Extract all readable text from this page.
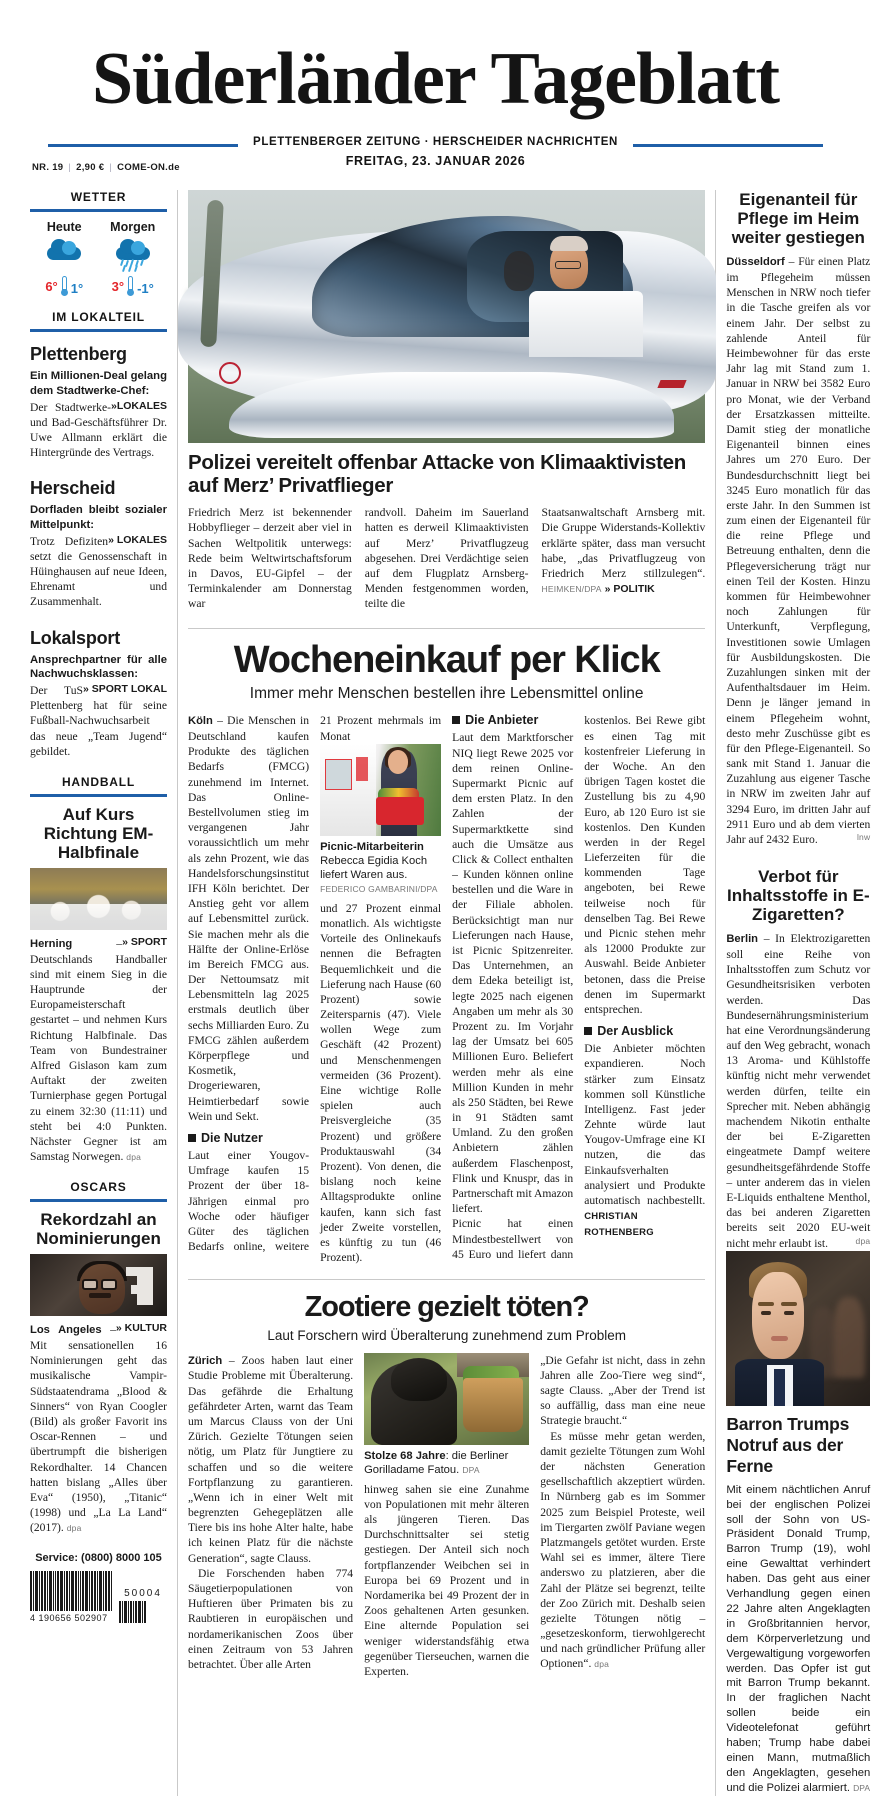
Süderländer Tageblatt
PLETTENBERGER ZEITUNG · HERSCHEIDER NACHRICHTEN
FREITAG, 23. JANUAR 2026
NR. 19 | 2,90 € | COME-ON.de
WETTER
Heute
6° 1°
Morgen
3° -1°
IM LOKALTEIL
Plettenberg
Ein Millionen-Deal gelang dem Stadtwerke-Chef:
»LOKALES
Der Stadtwerke- und Bad-Geschäftsführer Dr. Uwe Allmann erklärt die Hintergründe des Vertrags.
Herscheid
Dorfladen bleibt sozialer Mittelpunkt:
» LOKALES
Trotz Defiziten setzt die Genossenschaft in Hüinghausen auf neue Ideen, Ehrenamt und Zusammenhalt.
Lokalsport
Ansprechpartner für alle Nachwuchsklassen:
» SPORT LOKAL
Der TuS Plettenberg hat für seine Fußball-Nachwuchsarbeit das neue „Team Jugend“ gebildet.
HANDBALL
Auf Kurs Richtung EM-Halbfinale
» SPORT
Herning	– Deutschlands Handballer sind mit einem Sieg in die Hauptrunde der Europameisterschaft gestartet – und nehmen Kurs Richtung Halbfinale. Das Team von Bundestrainer Alfred Gislason kam zum Auftakt der zweiten Turnierphase gegen Portugal zu einem 32:30 (11:11) und steht bei 4:0 Punkten. Nächster Gegner ist am Samstag Norwegen. dpa
OSCARS
Rekordzahl an Nominierungen
» KULTUR
Los Angeles – Mit sensationellen 16 Nominierungen geht das musikalische Vampir-Südstaatendrama „Blood & Sinners“ von Ryan Coogler (Bild) als großer Favorit ins Oscar-Rennen – und übertrumpft die bisherigen Rekordhalter. 14 Chancen hatten bislang „Alles über Eva“ (1950), „Titanic“ (1998) und „La La Land“ (2017). dpa
Service: (0800) 8000 105
4 190656 502907
50004
Polizei vereitelt offenbar Attacke von Klimaaktivisten auf Merz’ Privatflieger
Friedrich Merz ist bekennender Hobbyflieger – derzeit aber viel in Sachen Weltpolitik unterwegs: Rede beim Weltwirtschaftsforum in Davos, EU-Gipfel – der Terminkalender am Donnerstag war
randvoll. Daheim im Sauerland hatten es derweil Klimaaktivisten auf Merz’ Privatflugzeug abgesehen. Drei Verdächtige seien auf dem Flugplatz Arnsberg-Menden festgenommen worden, teilte die
Staatsanwaltschaft Arnsberg mit. Die Gruppe Widerstands-Kollektiv erklärte später, dass man versucht habe, „das Privatflugzeug von Friedrich Merz stillzulegen“. HEIMKEN/DPA » POLITIK
Wocheneinkauf per Klick
Immer mehr Menschen bestellen ihre Lebensmittel online
Köln – Die Menschen in Deutschland kaufen Produkte des täglichen Bedarfs (FMCG) zunehmend im Internet. Das Online-Bestellvolumen stieg im vergangenen Jahr voraussichtlich um mehr als zehn Prozent, wie das Handelsforschungsinstitut IFH Köln berichtet. Der Anstieg geht vor allem auf Lebensmittel zurück. Sie machen mehr als die Hälfte der Online-Erlöse im Bereich FMCG aus. Der Nettoumsatz mit Lebensmitteln lag 2025 erstmals deutlich über sechs Milliarden Euro. Zu FMCG zählen außerdem Körperpflege und Kosmetik, Drogeriewaren, Heimtierbedarf sowie Wein und Sekt.
Die Nutzer
Laut einer Yougov-Umfrage kaufen 15 Prozent der über 18-Jährigen einmal pro Woche oder häufiger Güter des täglichen Bedarfs online, weitere 21 Prozent mehrmals im Monat
Picnic-Mitarbeiterin Rebecca Egidia Koch liefert Waren aus. FEDERICO GAMBARINI/DPA
und 27 Prozent einmal monatlich. Als wichtigste Vorteile des Onlinekaufs nennen die Befragten Bequemlichkeit und die Lieferung nach Hause (60 Prozent) sowie Zeitersparnis (47). Viele wollen Wege zum Geschäft (42 Prozent) und Menschenmengen vermeiden (36 Prozent). Eine wichtige Rolle spielen auch Preisvergleiche (35 Prozent) und größere Produktauswahl (34 Prozent). Von denen, die bislang noch keine Alltagsprodukte online kaufen, kann sich fast jeder Zweite vorstellen, es künftig zu tun (46 Prozent).
Die Anbieter
Laut dem Marktforscher NIQ liegt Rewe 2025 vor dem reinen Online-Supermarkt Picnic auf dem ersten Platz. In den Zahlen der Supermarktkette sind auch die Umsätze aus Click & Collect enthalten – Kunden können online bestellen und die Ware in der Filiale abholen. Berücksichtigt man nur Lieferungen nach Hause, ist Picnic Spitzenreiter. Das Unternehmen, an dem Edeka beteiligt ist, legte 2025 nach eigenen Angaben um mehr als 30 Prozent zu. Im Vorjahr lag der Umsatz bei 605 Millionen Euro. Beliefert werden mehr als eine Million Kunden in mehr als 250 Städten, bei Rewe in 91 Städten samt Umland. Zu den großen Anbietern zählen außerdem Flaschenpost, Flink und Knuspr, das in Partnerschaft mit Amazon liefert.
Picnic hat einen Mindestbestellwert von 45 Euro und liefert dann kostenlos. Bei Rewe gibt es einen Tag mit kostenfreier Lieferung in der Woche. An den übrigen Tagen kostet die Zustellung bis zu 4,90 Euro, ab 120 Euro ist sie kostenlos. Den Kunden werden in der Regel Lieferzeiten für die kommenden Tage angeboten, bei Rewe teilweise noch für denselben Tag. Bei Rewe und Picnic stehen mehr als 12000 Produkte zur Auswahl. Beide Anbieter betonen, dass die Preise denen im Supermarkt entsprechen.
Der Ausblick
Die Anbieter möchten expandieren. Noch stärker zum Einsatz kommen soll Künstliche Intelligenz. Fast jeder Zehnte würde laut Yougov-Umfrage eine KI nutzen, die das Einkaufsverhalten analysiert und Produkte automatisch nachbestellt. CHRISTIAN ROTHENBERG
Zootiere gezielt töten?
Laut Forschern wird Überalterung zunehmend zum Problem
Zürich – Zoos haben laut einer Studie Probleme mit Überalterung. Das gefährde die Erhaltung gefährdeter Arten, warnt das Team um Marcus Clauss von der Uni Zürich. Gezielte Tötungen seien nötig, um Platz für Jungtiere zu schaffen und so die weitere Fortpflanzung zu garantieren. „Wenn ich in einer Welt mit begrenzten Gehegeplätzen alle Tiere bis ins hohe Alter halte, habe ich keinen Platz für die nächste Generation“, sagte Clauss.
Die Forschenden haben 774 Säugetierpopulationen von Huftieren über Primaten bis zu Raubtieren in europäischen und nordamerikanischen Zoos über einen Zeitraum von 53 Jahren betrachtet. Über alle Arten
Stolze 68 Jahre: die Berliner Gorilladame Fatou. DPA
hinweg sahen sie eine Zunahme von Populationen mit mehr älteren als jüngeren Tieren. Das Durchschnittsalter sei stetig gestiegen. Der Anteil sich noch fortpflanzender Weibchen sei in Europa bei 69 Prozent und in Nordamerika bei 49 Prozent der in Zoos gehaltenen Arten gesunken. Eine alternde Population sei weniger widerstandsfähig etwa gegenüber Tierseuchen, warnen die Experten.
„Die Gefahr ist nicht, dass in zehn Jahren alle Zoo-Tiere weg sind“, sagte Clauss. „Aber der Trend ist so auffällig, dass man eine neue Strategie braucht.“
Es müsse mehr getan werden, damit gezielte Tötungen zum Wohl der nächsten Generation gesellschaftlich akzeptiert würden. In Nürnberg gab es im Sommer 2025 zum Beispiel Proteste, weil im Tiergarten zwölf Paviane wegen Platzmangels getötet wurden. Erste Wahl sei es immer, ältere Tiere anderswo zu platzieren, aber die Zahl der Plätze sei begrenzt, teilte der Zoo Zürich mit. Deshalb seien gezielte Tötungen nötig – „gesetzeskonform, tierwohlgerecht und nach gründlicher Prüfung aller Optionen“. dpa
Eigenanteil für Pflege im Heim weiter gestiegen
Düsseldorf – Für einen Platz im Pflegeheim müssen Menschen in NRW noch tiefer in die Tasche greifen als vor einem Jahr. Der selbst zu zahlende Anteil für Heimbewohner für das erste Jahr lag mit Stand zum 1. Januar in NRW bei 3582 Euro pro Monat, wie der Verband der Ersatzkassen mitteilte. Damit stieg der monatliche Eigenanteil binnen eines Jahres um 270 Euro. Der Bundesdurchschnitt liegt bei 3245 Euro monatlich für das erste Jahr. In den Summen ist zum einen der Eigenanteil für die reine Pflege und Betreuung enthalten, denn die Pflegeversicherung trägt nur einen Teil der Kosten. Hinzu kommen für Heimbewohner noch Zahlungen für Unterkunft, Verpflegung, Investitionen sowie Umlagen für Ausbildungskosten. Die Zuzahlungen sinken mit der Aufenthaltsdauer im Heim. Denn je länger jemand in einem Pflegeheim wohnt, desto mehr Zuschüsse gibt es für den Pflege-Eigenanteil. So sank mit Stand 1. Januar die Zuzahlung aus eigener Tasche in NRW im zweiten Jahr auf 3294 Euro, im dritten Jahr auf 2911 Euro und ab dem vierten Jahr auf 2432 Euro.	lnw
Verbot für Inhaltsstoffe in E-Zigaretten?
Berlin – In Elektrozigaretten soll eine Reihe von Inhaltsstoffen zum Schutz vor Gesundheitsrisiken verboten werden. Das Bundesernährungsministerium hat eine Verordnungsänderung auf den Weg gebracht, wonach 13 Aroma- und Kühlstoffe künftig nicht mehr verwendet werden dürfen, teilte ein Sprecher mit. Neben abhängig machendem Nikotin enthalte der bei E-Zigaretten eingeatmete Dampf weitere gesundheitsgefährdende Stoffe – unter anderem das in vielen E-Liquids enthaltene Menthol, das bei anderen Zigaretten bereits seit 2020 EU-weit nicht mehr erlaubt ist.	dpa
Barron Trumps Notruf aus der Ferne
Mit einem nächtlichen Anruf bei der englischen Polizei soll der Sohn von US-Präsident Donald Trump, Barron Trump (19), wohl eine Gewalttat verhindert haben. Das geht aus einer Verhandlung gegen einen 22 Jahre alten Angeklagten in Großbritannien hervor, dem Körperverletzung und Vergewaltigung vorgeworfen werden. Das Opfer ist gut mit Barron Trump bekannt. In der fraglichen Nacht sollen beide ein Videotelefonat geführt haben; Trump habe dabei einen Mann, mutmaßlich den Angeklagten, gesehen und die Polizei alarmiert. DPA
